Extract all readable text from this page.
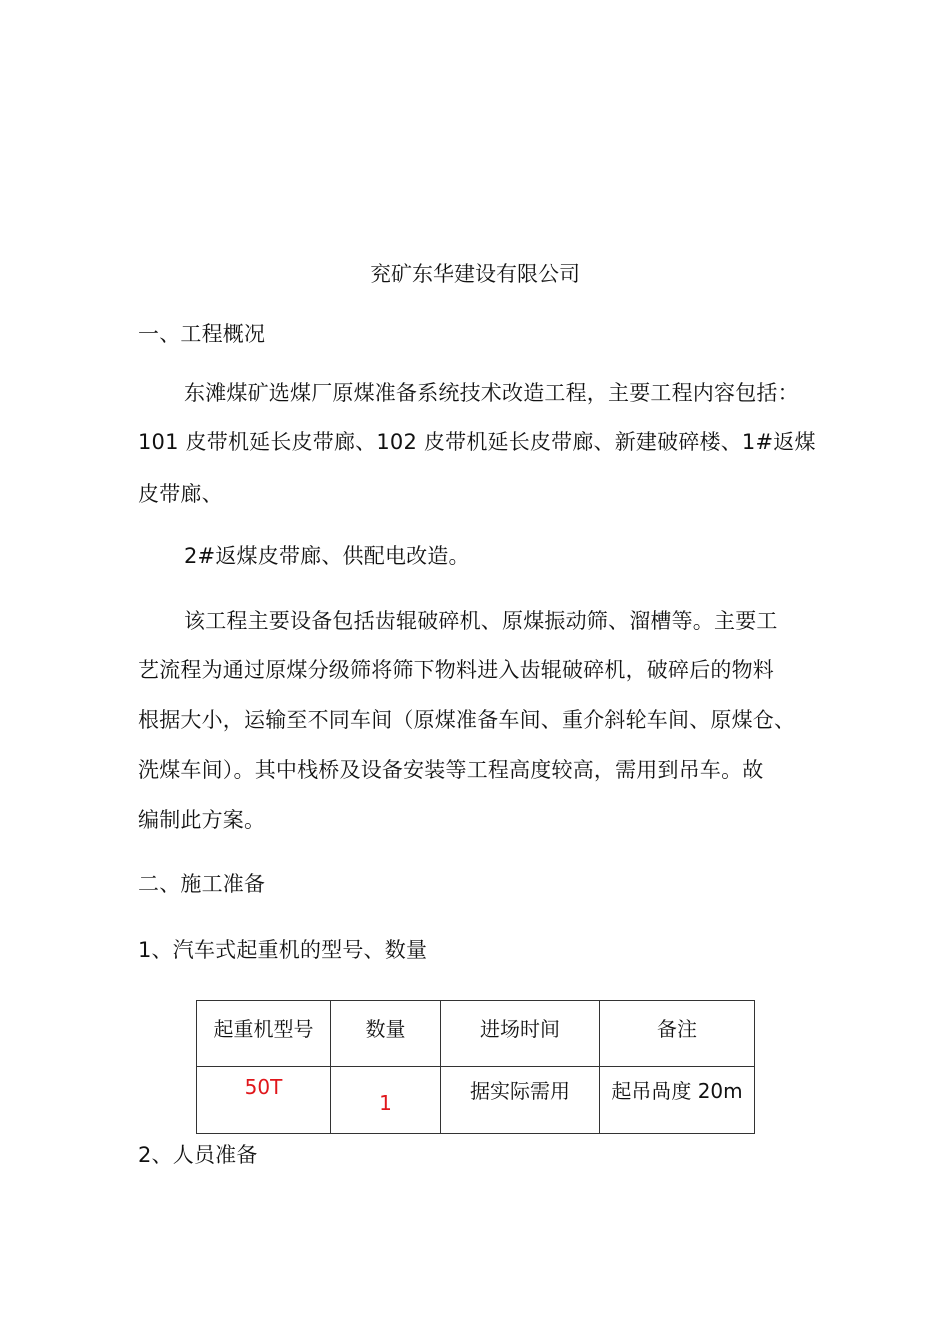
兖矿东华建设有限公司
一、工程概况
东滩煤矿选煤厂原煤准备系统技术改造工程，主要工程内容包括：
101 皮带机延长皮带廊、102 皮带机延长皮带廊、新建破碎楼、1#返煤
皮带廊、
2#返煤皮带廊、供配电改造。
该工程主要设备包括齿辊破碎机、原煤振动筛、溜槽等。主要工
艺流程为通过原煤分级筛将筛下物料进入齿辊破碎机，破碎后的物料
根据大小，运输至不同车间（原煤准备车间、重介斜轮车间、原煤仓、
洗煤车间）。其中栈桥及设备安装等工程高度较高，需用到吊车。故
编制此方案。
二、施工准备
1、汽车式起重机的型号、数量
起重机型号	数量	进场时间	备注
50T	1	据实际需用	起吊咼度 20m
2、人员准备
